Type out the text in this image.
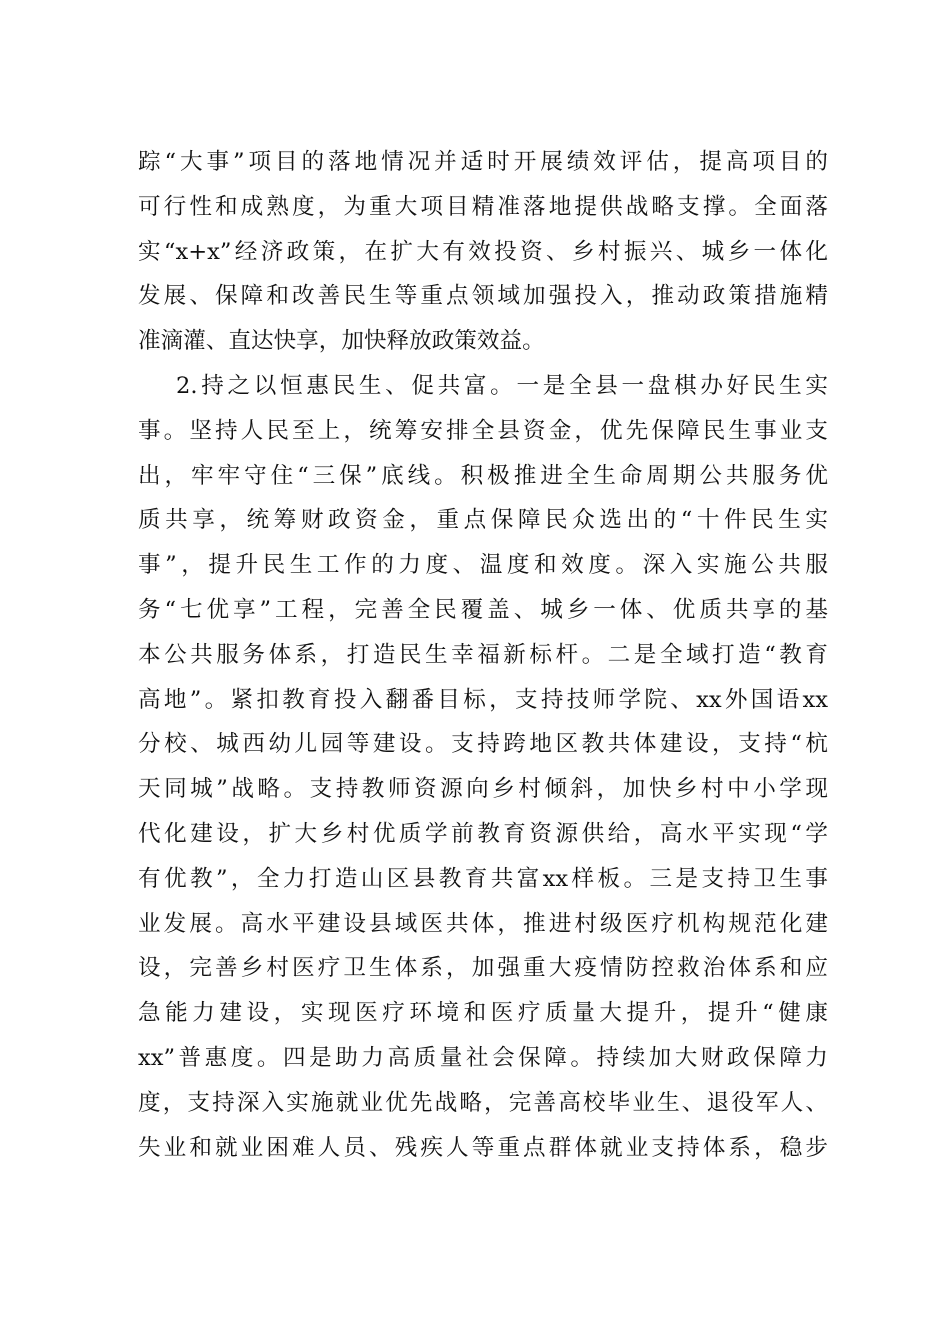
踪“大事”项目的落地情况并适时开展绩效评估，提高项目的
可行性和成熟度，为重大项目精准落地提供战略支撑。全面落
实“x+x”经济政策，在扩大有效投资、乡村振兴、城乡一体化
发展、保障和改善民生等重点领域加强投入，推动政策措施精
准滴灌、直达快享，加快释放政策效益。
2.持之以恒惠民生、促共富。一是全县一盘棋办好民生实
事。坚持人民至上，统筹安排全县资金，优先保障民生事业支
出，牢牢守住“三保”底线。积极推进全生命周期公共服务优
质共享，统筹财政资金，重点保障民众选出的“十件民生实
事”，提升民生工作的力度、温度和效度。深入实施公共服
务“七优享”工程，完善全民覆盖、城乡一体、优质共享的基
本公共服务体系，打造民生幸福新标杆。二是全域打造“教育
高地”。紧扣教育投入翻番目标，支持技师学院、xx外国语xx
分校、城西幼儿园等建设。支持跨地区教共体建设，支持“杭
天同城”战略。支持教师资源向乡村倾斜，加快乡村中小学现
代化建设，扩大乡村优质学前教育资源供给，高水平实现“学
有优教”，全力打造山区县教育共富xx样板。三是支持卫生事
业发展。高水平建设县域医共体，推进村级医疗机构规范化建
设，完善乡村医疗卫生体系，加强重大疫情防控救治体系和应
急能力建设，实现医疗环境和医疗质量大提升，提升“健康
xx”普惠度。四是助力高质量社会保障。持续加大财政保障力
度，支持深入实施就业优先战略，完善高校毕业生、退役军人、
失业和就业困难人员、残疾人等重点群体就业支持体系，稳步
